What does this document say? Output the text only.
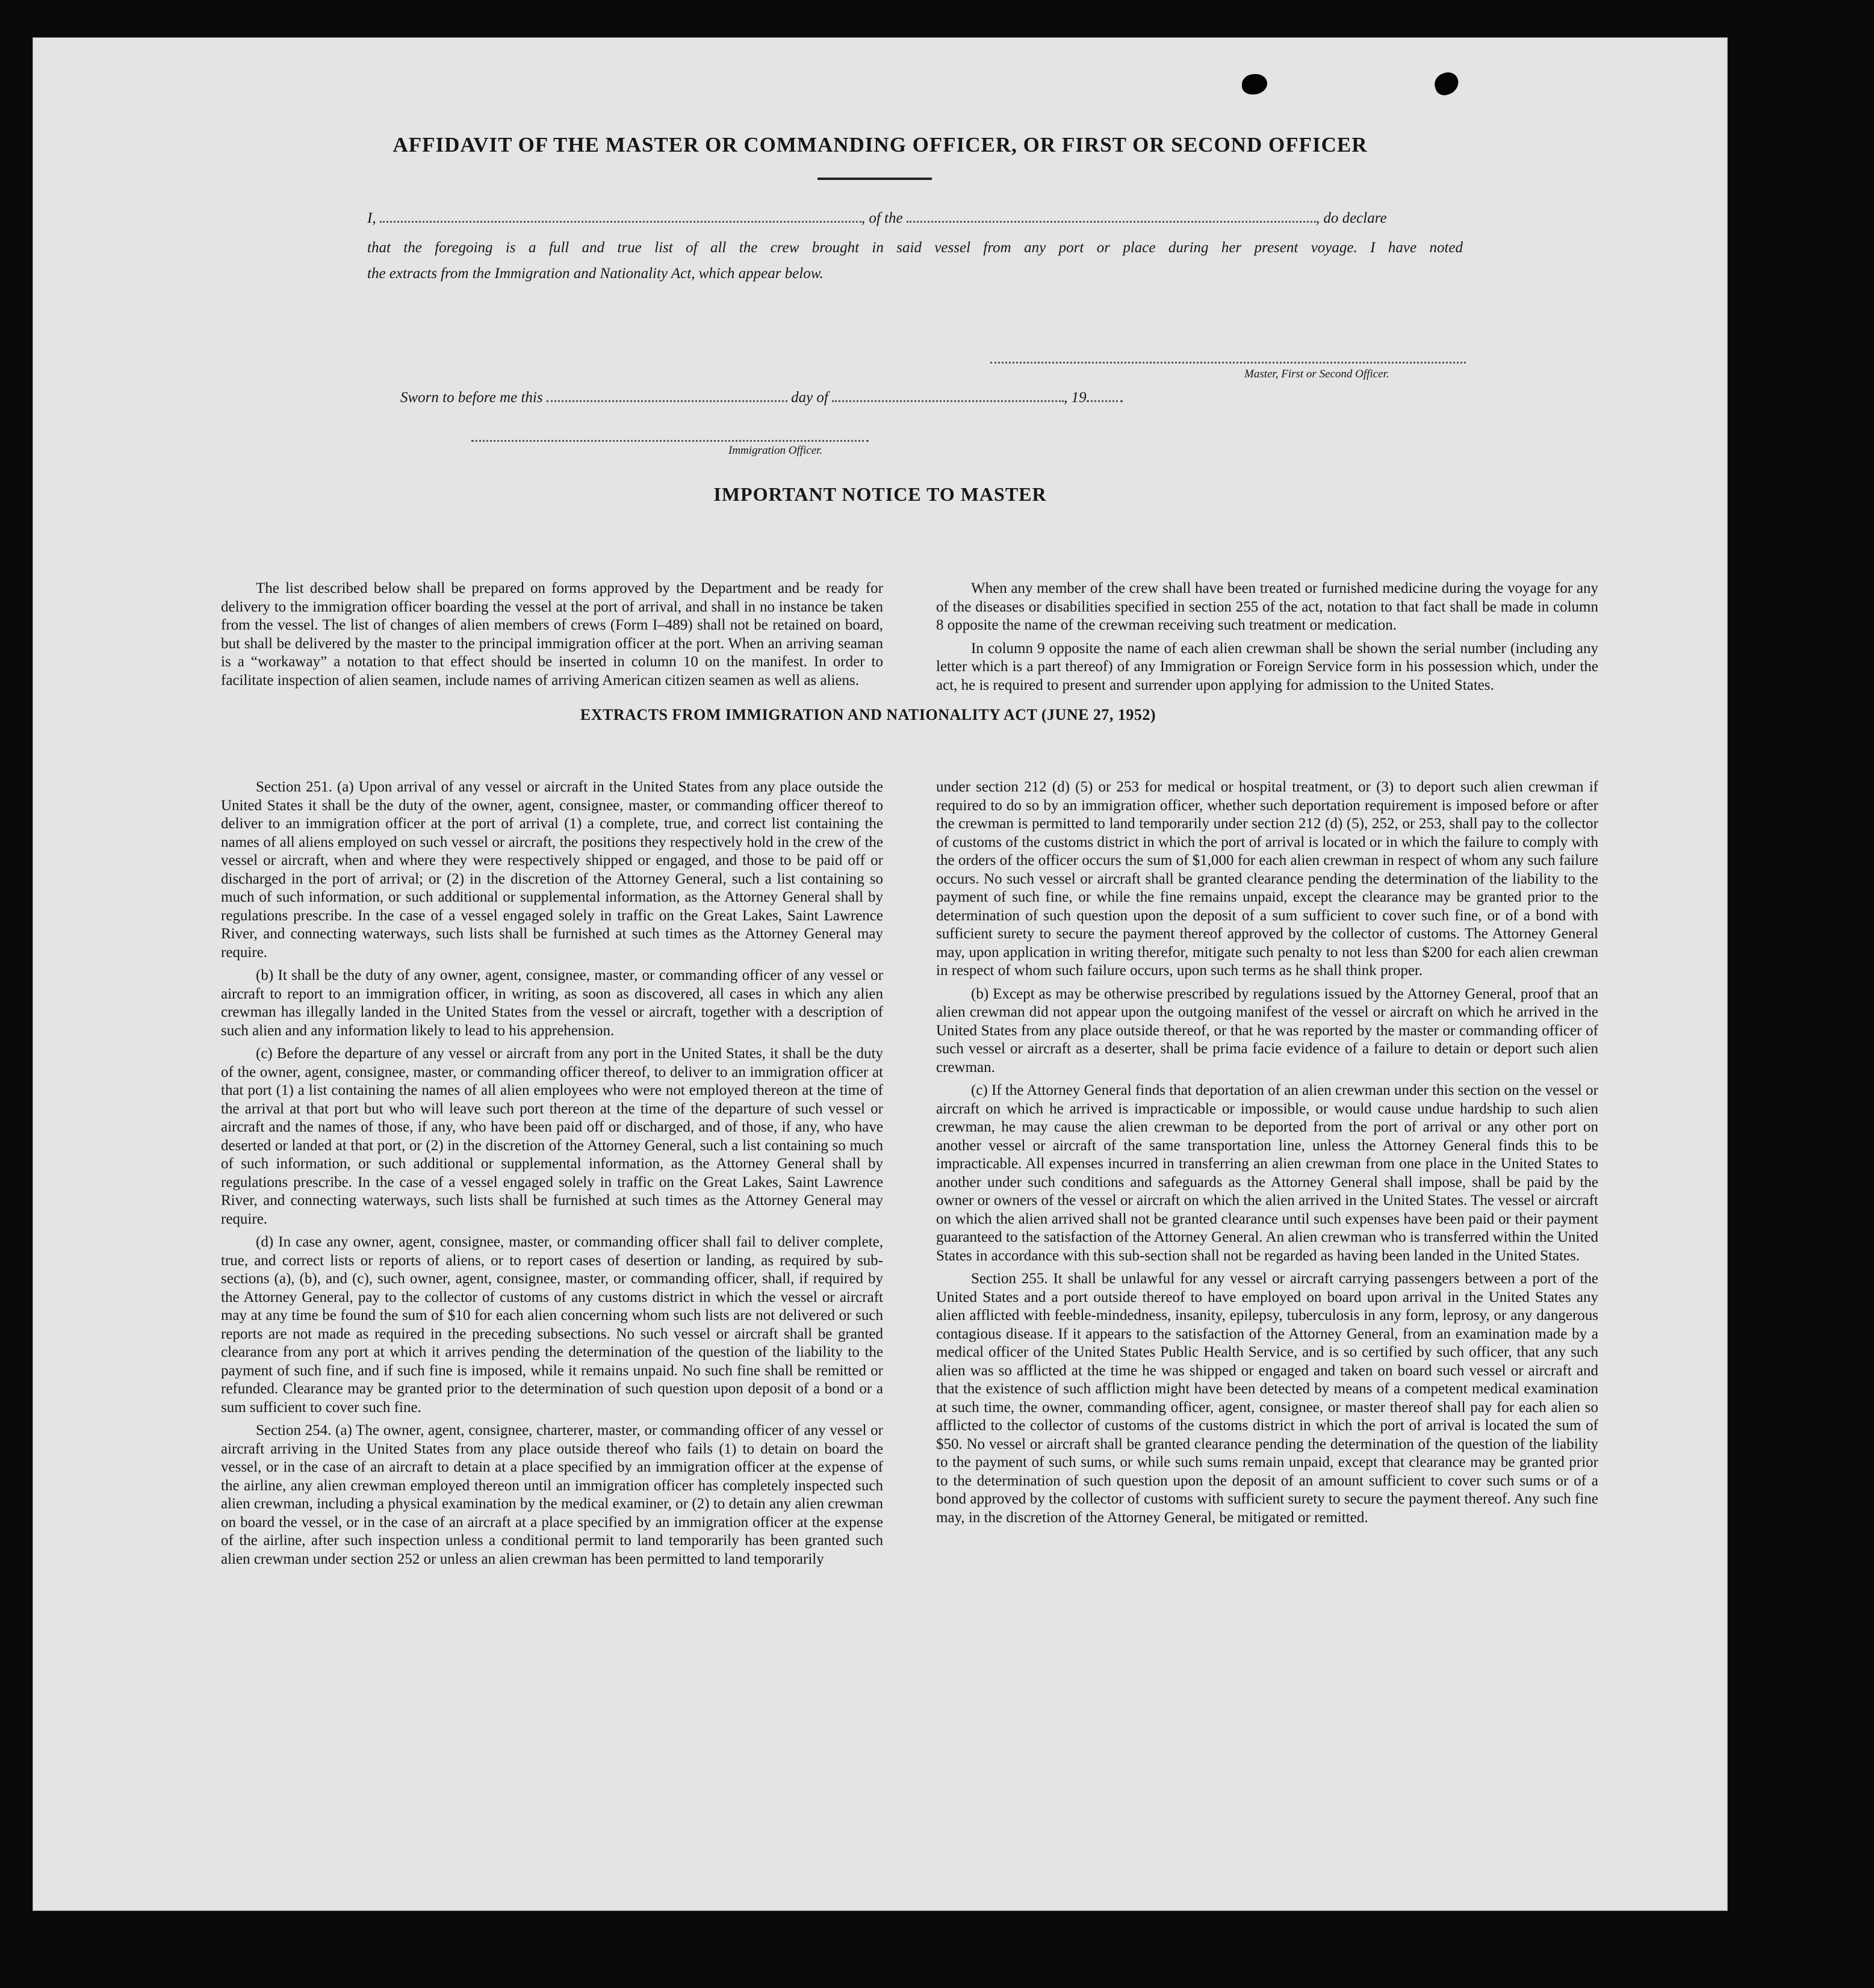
AFFIDAVIT OF THE MASTER OR COMMANDING OFFICER, OR FIRST OR SECOND OFFICER
I,	, of the	, do declare
that the foregoing is a full and true list of all the crew brought in said vessel from any port or place during her present voyage. I have noted
the extracts from the Immigration and Nationality Act, which appear below.
Master, First or Second Officer.
Sworn to before me this	day of	, 19
Immigration Officer.
IMPORTANT NOTICE TO MASTER

The list described below shall be prepared on forms approved by the Department and be ready for delivery to the immigration officer boarding the vessel at the port of arrival, and shall in no instance be taken from the vessel. The list of changes of alien members of crews (Form I–489) shall not be retained on board, but shall be delivered by the master to the principal immigration officer at the port. When an arriving seaman is a “workaway” a notation to that effect should be inserted in column 10 on the manifest. In order to facilitate inspection of alien seamen, include names of arriving American citizen seamen as well as aliens.

When any member of the crew shall have been treated or furnished medicine during the voyage for any of the diseases or disabilities specified in section 255 of the act, notation to that fact shall be made in column 8 opposite the name of the crewman receiving such treatment or medication.

In column 9 opposite the name of each alien crewman shall be shown the serial number (including any letter which is a part thereof) of any Immigration or Foreign Service form in his possession which, under the act, he is required to present and surrender upon applying for admission to the United States.

EXTRACTS FROM IMMIGRATION AND NATIONALITY ACT (JUNE 27, 1952)

Section 251. (a) Upon arrival of any vessel or aircraft in the United States from any place outside the United States it shall be the duty of the owner, agent, consignee, master, or commanding officer thereof to deliver to an immigration officer at the port of arrival (1) a complete, true, and correct list containing the names of all aliens employed on such vessel or aircraft, the positions they respectively hold in the crew of the vessel or aircraft, when and where they were respectively shipped or engaged, and those to be paid off or discharged in the port of arrival; or (2) in the discretion of the Attorney General, such a list containing so much of such information, or such additional or supplemental information, as the Attorney General shall by regulations prescribe. In the case of a vessel engaged solely in traffic on the Great Lakes, Saint Lawrence River, and connecting waterways, such lists shall be furnished at such times as the Attorney General may require.

(b) It shall be the duty of any owner, agent, consignee, master, or commanding officer of any vessel or aircraft to report to an immigration officer, in writing, as soon as discovered, all cases in which any alien crewman has illegally landed in the United States from the vessel or aircraft, together with a description of such alien and any information likely to lead to his apprehension.

(c) Before the departure of any vessel or aircraft from any port in the United States, it shall be the duty of the owner, agent, consignee, master, or commanding officer thereof, to deliver to an immigration officer at that port (1) a list containing the names of all alien employees who were not employed thereon at the time of the arrival at that port but who will leave such port thereon at the time of the departure of such vessel or aircraft and the names of those, if any, who have been paid off or discharged, and of those, if any, who have deserted or landed at that port, or (2) in the discretion of the Attorney General, such a list containing so much of such information, or such additional or supplemental information, as the Attorney General shall by regulations prescribe. In the case of a vessel engaged solely in traffic on the Great Lakes, Saint Lawrence River, and connecting waterways, such lists shall be furnished at such times as the Attorney General may require.

(d) In case any owner, agent, consignee, master, or commanding officer shall fail to deliver complete, true, and correct lists or reports of aliens, or to report cases of desertion or landing, as required by sub-sections (a), (b), and (c), such owner, agent, consignee, master, or commanding officer, shall, if required by the Attorney General, pay to the collector of customs of any customs district in which the vessel or aircraft may at any time be found the sum of $10 for each alien concerning whom such lists are not delivered or such reports are not made as required in the preceding subsections. No such vessel or aircraft shall be granted clearance from any port at which it arrives pending the determination of the question of the liability to the payment of such fine, and if such fine is imposed, while it remains unpaid. No such fine shall be remitted or refunded. Clearance may be granted prior to the determination of such question upon deposit of a bond or a sum sufficient to cover such fine.

Section 254. (a) The owner, agent, consignee, charterer, master, or commanding officer of any vessel or aircraft arriving in the United States from any place outside thereof who fails (1) to detain on board the vessel, or in the case of an aircraft to detain at a place specified by an immigration officer at the expense of the airline, any alien crewman employed thereon until an immigration officer has completely inspected such alien crewman, including a physical examination by the medical examiner, or (2) to detain any alien crewman on board the vessel, or in the case of an aircraft at a place specified by an immigration officer at the expense of the airline, after such inspection unless a conditional permit to land temporarily has been granted such alien crewman under section 252 or unless an alien crewman has been permitted to land temporarily

under section 212 (d) (5) or 253 for medical or hospital treatment, or (3) to deport such alien crewman if required to do so by an immigration officer, whether such deportation requirement is imposed before or after the crewman is permitted to land temporarily under section 212 (d) (5), 252, or 253, shall pay to the collector of customs of the customs district in which the port of arrival is located or in which the failure to comply with the orders of the officer occurs the sum of $1,000 for each alien crewman in respect of whom any such failure occurs. No such vessel or aircraft shall be granted clearance pending the determination of the liability to the payment of such fine, or while the fine remains unpaid, except the clearance may be granted prior to the determination of such question upon the deposit of a sum sufficient to cover such fine, or of a bond with sufficient surety to secure the payment thereof approved by the collector of customs. The Attorney General may, upon application in writing therefor, mitigate such penalty to not less than $200 for each alien crewman in respect of whom such failure occurs, upon such terms as he shall think proper.

(b) Except as may be otherwise prescribed by regulations issued by the Attorney General, proof that an alien crewman did not appear upon the outgoing manifest of the vessel or aircraft on which he arrived in the United States from any place outside thereof, or that he was reported by the master or commanding officer of such vessel or aircraft as a deserter, shall be prima facie evidence of a failure to detain or deport such alien crewman.

(c) If the Attorney General finds that deportation of an alien crewman under this section on the vessel or aircraft on which he arrived is impracticable or impossible, or would cause undue hardship to such alien crewman, he may cause the alien crewman to be deported from the port of arrival or any other port on another vessel or aircraft of the same transportation line, unless the Attorney General finds this to be impracticable. All expenses incurred in transferring an alien crewman from one place in the United States to another under such conditions and safeguards as the Attorney General shall impose, shall be paid by the owner or owners of the vessel or aircraft on which the alien arrived in the United States. The vessel or aircraft on which the alien arrived shall not be granted clearance until such expenses have been paid or their payment guaranteed to the satisfaction of the Attorney General. An alien crewman who is transferred within the United States in accordance with this sub-section shall not be regarded as having been landed in the United States.

Section 255. It shall be unlawful for any vessel or aircraft carrying passengers between a port of the United States and a port outside thereof to have employed on board upon arrival in the United States any alien afflicted with feeble-mindedness, insanity, epilepsy, tuberculosis in any form, leprosy, or any dangerous contagious disease. If it appears to the satisfaction of the Attorney General, from an examination made by a medical officer of the United States Public Health Service, and is so certified by such officer, that any such alien was so afflicted at the time he was shipped or engaged and taken on board such vessel or aircraft and that the existence of such affliction might have been detected by means of a competent medical examination at such time, the owner, commanding officer, agent, consignee, or master thereof shall pay for each alien so afflicted to the collector of customs of the customs district in which the port of arrival is located the sum of $50. No vessel or aircraft shall be granted clearance pending the determination of the question of the liability to the payment of such sums, or while such sums remain unpaid, except that clearance may be granted prior to the determination of such question upon the deposit of an amount sufficient to cover such sums or of a bond approved by the collector of customs with sufficient surety to secure the payment thereof. Any such fine may, in the discretion of the Attorney General, be mitigated or remitted.
